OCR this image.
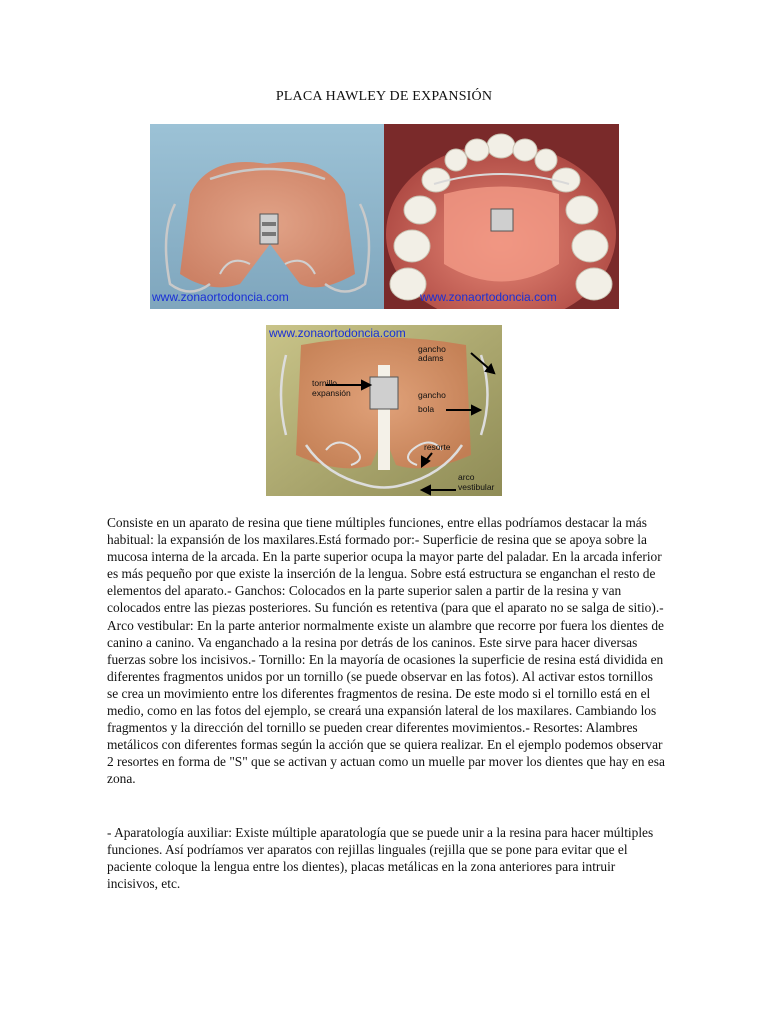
PLACA HAWLEY DE EXPANSIÓN
www.zonaortodoncia.com	www.zonaortodoncia.com
www.zonaortodoncia.com
gancho
adams
tornillo
expansión	gancho
bola
resorte
arco
vestibular

Consiste en un aparato de resina que tiene múltiples funciones, entre ellas podríamos destacar la más habitual: la expansión de los maxilares.Está formado por:- Superficie de resina que se apoya sobre la mucosa interna de la arcada. En la parte superior ocupa la mayor parte del paladar. En la arcada inferior es más pequeño por que existe la inserción de la lengua. Sobre está estructura se enganchan el resto de elementos del aparato.- Ganchos: Colocados en la parte superior salen a partir de la resina y van colocados entre las piezas posteriores. Su función es retentiva (para que el aparato no se salga de sitio).- Arco vestibular: En la parte anterior normalmente existe un alambre que recorre por fuera los dientes de canino a canino. Va enganchado a la resina por detrás de los caninos. Este sirve para hacer diversas fuerzas sobre los incisivos.- Tornillo: En la mayoría de ocasiones la superficie de resina está dividida en diferentes fragmentos unidos por un tornillo (se puede observar en las fotos). Al activar estos tornillos se crea un movimiento entre los diferentes fragmentos de resina. De este modo si el tornillo está en el medio, como en las fotos del ejemplo, se creará una expansión lateral de los maxilares. Cambiando los fragmentos y la dirección del tornillo se pueden crear diferentes movimientos.- Resortes: Alambres metálicos con diferentes formas según la acción que se quiera realizar. En el ejemplo podemos observar 2 resortes en forma de "S" que se activan y actuan como un muelle par mover los dientes que hay en esa zona.

- Aparatología auxiliar: Existe múltiple aparatología que se puede unir a la resina para hacer múltiples funciones. Así podríamos ver aparatos con rejillas linguales (rejilla que se pone para evitar que el paciente coloque la lengua entre los dientes), placas metálicas en la zona anteriores para intruir incisivos, etc.
